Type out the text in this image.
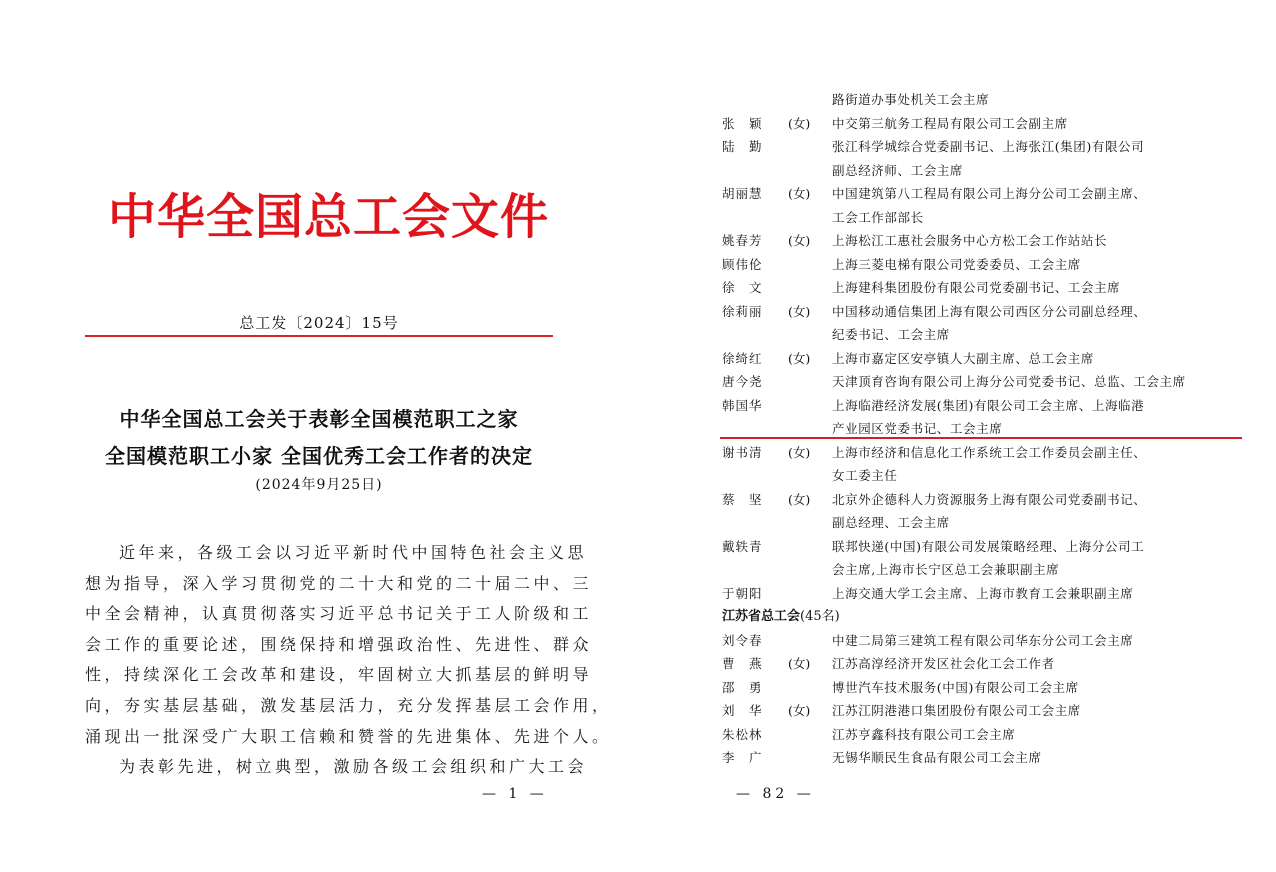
中华全国总工会文件
总工发〔2024〕15号
中华全国总工会关于表彰全国模范职工之家
全国模范职工小家 全国优秀工会工作者的决定
(2024年9月25日)
近年来，各级工会以习近平新时代中国特色社会主义思
想为指导，深入学习贯彻党的二十大和党的二十届二中、三
中全会精神，认真贯彻落实习近平总书记关于工人阶级和工
会工作的重要论述，围绕保持和增强政治性、先进性、群众
性，持续深化工会改革和建设，牢固树立大抓基层的鲜明导
向，夯实基层基础，激发基层活力，充分发挥基层工会作用，
涌现出一批深受广大职工信赖和赞誉的先进集体、先进个人。
为表彰先进，树立典型，激励各级工会组织和广大工会
— 1 —
路街道办事处机关工会主席
张　颖 (女) 中交第三航务工程局有限公司工会副主席
陆　勤	张江科学城综合党委副书记、上海张江(集团)有限公司
副总经济师、工会主席
胡丽慧 (女) 中国建筑第八工程局有限公司上海分公司工会副主席、
工会工作部部长
姚春芳 (女) 上海松江工惠社会服务中心方松工会工作站站长
顾伟伦	上海三菱电梯有限公司党委委员、工会主席
徐　文	上海建科集团股份有限公司党委副书记、工会主席
徐莉丽 (女) 中国移动通信集团上海有限公司西区分公司副总经理、
纪委书记、工会主席
徐绮红 (女) 上海市嘉定区安亭镇人大副主席、总工会主席
唐今尧	天津顶育咨询有限公司上海分公司党委书记、总监、工会主席
韩国华	上海临港经济发展(集团)有限公司工会主席、上海临港
产业园区党委书记、工会主席
谢书清 (女) 上海市经济和信息化工作系统工会工作委员会副主任、
女工委主任
蔡　坚 (女) 北京外企德科人力资源服务上海有限公司党委副书记、
副总经理、工会主席
戴轶青	联邦快递(中国)有限公司发展策略经理、上海分公司工
会主席,上海市长宁区总工会兼职副主席
于朝阳	上海交通大学工会主席、上海市教育工会兼职副主席
江苏省总工会(45名)
刘令春	中建二局第三建筑工程有限公司华东分公司工会主席
曹　燕 (女) 江苏高淳经济开发区社会化工会工作者
邵　勇	博世汽车技术服务(中国)有限公司工会主席
刘　华 (女) 江苏江阴港港口集团股份有限公司工会主席
朱松林	江苏亨鑫科技有限公司工会主席
李　广	无锡华顺民生食品有限公司工会主席
— 82 —
